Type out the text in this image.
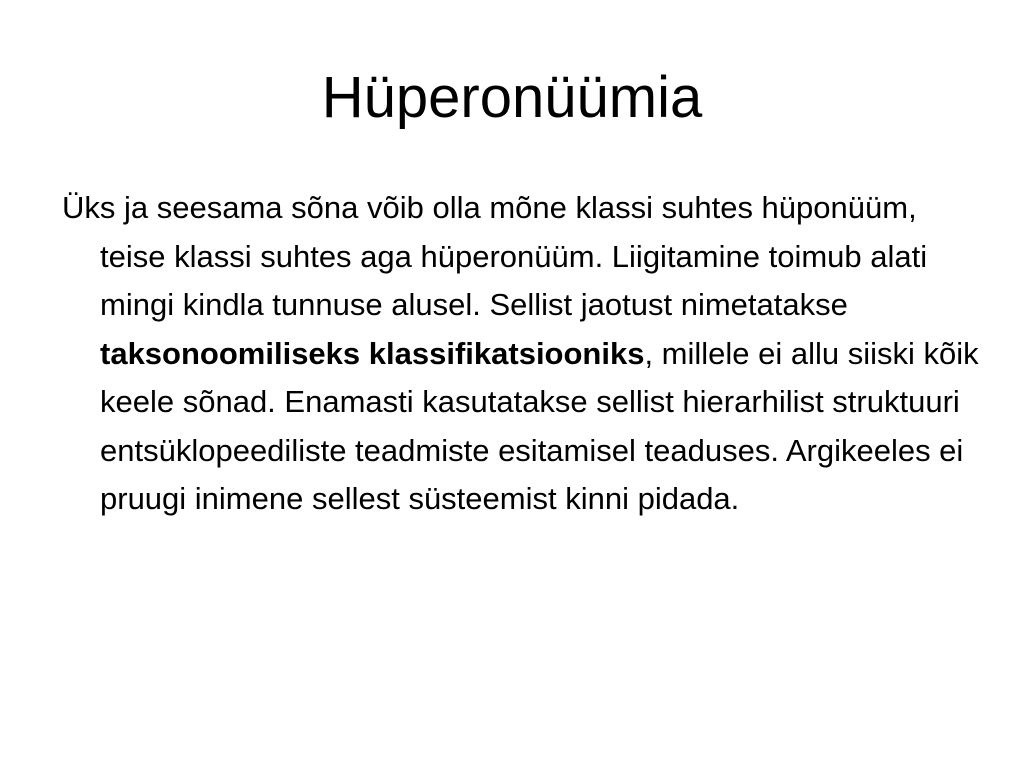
Hüperonüümia

Üks ja seesama sõna võib olla mõne klassi suhtes hüponüüm, teise klassi suhtes aga hüperonüüm. Liigitamine toimub alati mingi kindla tunnuse alusel. Sellist jaotust nimetatakse taksonoomiliseks klassifikatsiooniks, millele ei allu siiski kõik keele sõnad. Enamasti kasutatakse sellist hierarhilist struktuuri entsüklopeediliste teadmiste esitamisel teaduses. Argikeeles ei pruugi inimene sellest süsteemist kinni pidada.
